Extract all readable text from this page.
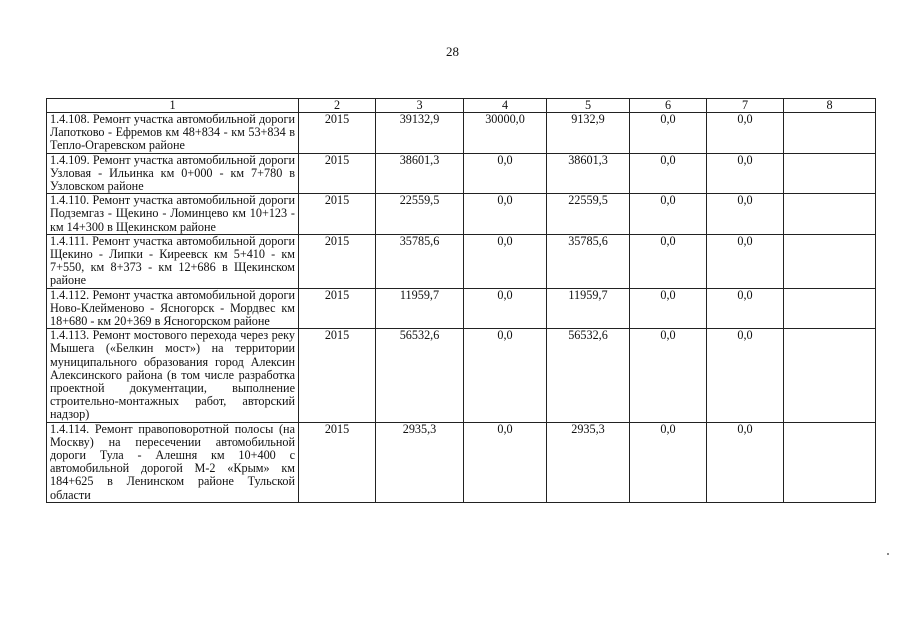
28
1	2	3	4	5	6	7	8
1.4.108. Ремонт участка автомобильной дороги Лапотково - Ефремов км 48+834 - км 53+834 в Тепло-Огаревском районе	2015	39132,9	30000,0	9132,9	0,0	0,0	
1.4.109. Ремонт участка автомобильной дороги Узловая - Ильинка км 0+000 - км 7+780 в Узловском районе	2015	38601,3	0,0	38601,3	0,0	0,0	
1.4.110. Ремонт участка автомобильной дороги Подземгаз - Щекино - Ломинцево км 10+123 - км 14+300 в Щекинском районе	2015	22559,5	0,0	22559,5	0,0	0,0	
1.4.111. Ремонт участка автомобильной дороги Щекино - Липки - Киреевск км 5+410 - км 7+550, км 8+373 - км 12+686 в Щекинском районе	2015	35785,6	0,0	35785,6	0,0	0,0	
1.4.112. Ремонт участка автомобильной дороги Ново-Клейменово - Ясногорск - Мордвес км 18+680 - км 20+369 в Ясногорском районе	2015	11959,7	0,0	11959,7	0,0	0,0	
1.4.113. Ремонт мостового перехода через реку Мышега («Белкин мост») на территории муниципального образования город Алексин Алексинского района (в том числе разработка проектной документации, выполнение строительно-монтажных работ, авторский надзор)	2015	56532,6	0,0	56532,6	0,0	0,0	
1.4.114. Ремонт правоповоротной полосы (на Москву) на пересечении автомобильной дороги Тула - Алешня км 10+400 с автомобильной дорогой М-2 «Крым» км 184+625 в Ленинском районе Тульской области	2015	2935,3	0,0	2935,3	0,0	0,0	
